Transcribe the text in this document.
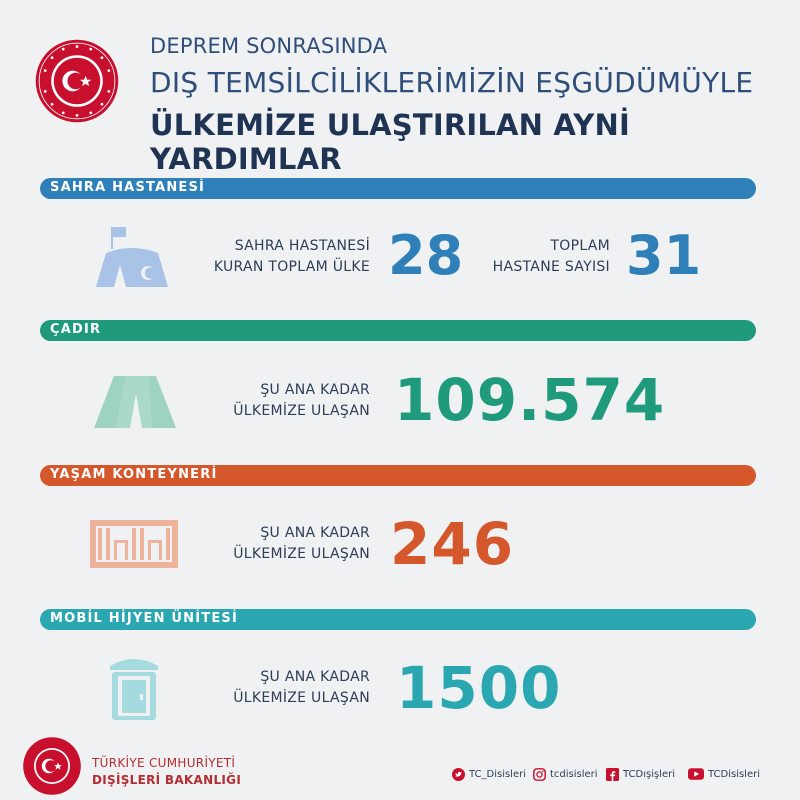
DEPREM SONRASINDA
DIŞ TEMSİLCİLİKLERİMİZİN EŞGÜDÜMÜYLE
ÜLKEMİZE ULAŞTIRILAN AYNİ YARDIMLAR
SAHRA HASTANESİ
SAHRA HASTANESİ
KURAN TOPLAM ÜLKE 28	TOPLAM
HASTANE SAYISI 31
ÇADIR
ŞU ANA KADAR
ÜLKEMİZE ULAŞAN 109.574
YAŞAM KONTEYNERİ
ŞU ANA KADAR
ÜLKEMİZE ULAŞAN 246
MOBİL HİJYEN ÜNİTESİ
ŞU ANA KADAR
ÜLKEMİZE ULAŞAN 1500
TÜRKİYE CUMHURİYETİ
DIŞİŞLERİ BAKANLIĞI	TC_Disisleri tcdisisleri	TCDışişleri	TCDisisleri
